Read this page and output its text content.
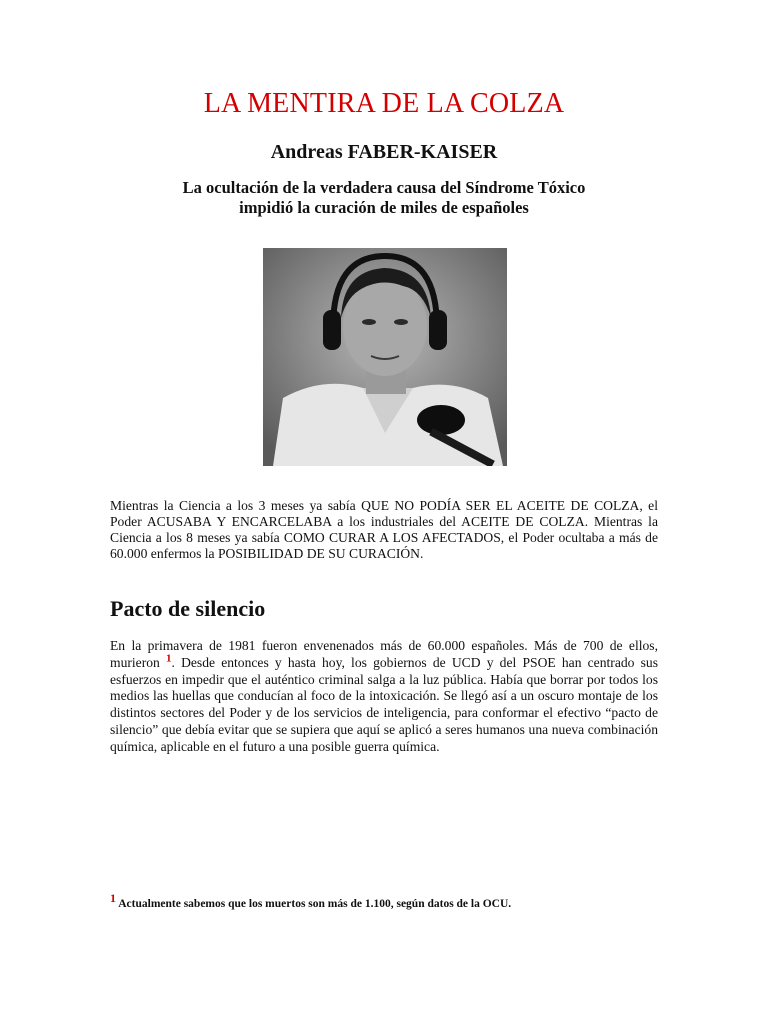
LA MENTIRA DE LA COLZA
Andreas FABER-KAISER
La ocultación de la verdadera causa del Síndrome Tóxico
impidió la curación de miles de españoles

Mientras la Ciencia a los 3 meses ya sabía QUE NO PODÍA SER EL ACEITE DE COLZA, el Poder ACUSABA Y ENCARCELABA a los industriales del ACEITE DE COLZA. Mientras la Ciencia a los 8 meses ya sabía COMO CURAR A LOS AFECTADOS, el Poder ocultaba a más de 60.000 enfermos la POSIBILIDAD DE SU CURACIÓN.

Pacto de silencio

En la primavera de 1981 fueron envenenados más de 60.000 españoles. Más de 700 de ellos, murieron $^1$. Desde entonces y hasta hoy, los gobiernos de UCD y del PSOE han centrado sus esfuerzos en impedir que el auténtico criminal salga a la luz pública. Había que borrar por todos los medios las huellas que conducían al foco de la intoxicación. Se llegó así a un oscuro montaje de los distintos sectores del Poder y de los servicios de inteligencia, para conformar el efectivo “pacto de silencio” que debía evitar que se supiera que aquí se aplicó a seres humanos una nueva combinación química, aplicable en el futuro a una posible guerra química.

1 Actualmente sabemos que los muertos son más de 1.100, según datos de la OCU.
